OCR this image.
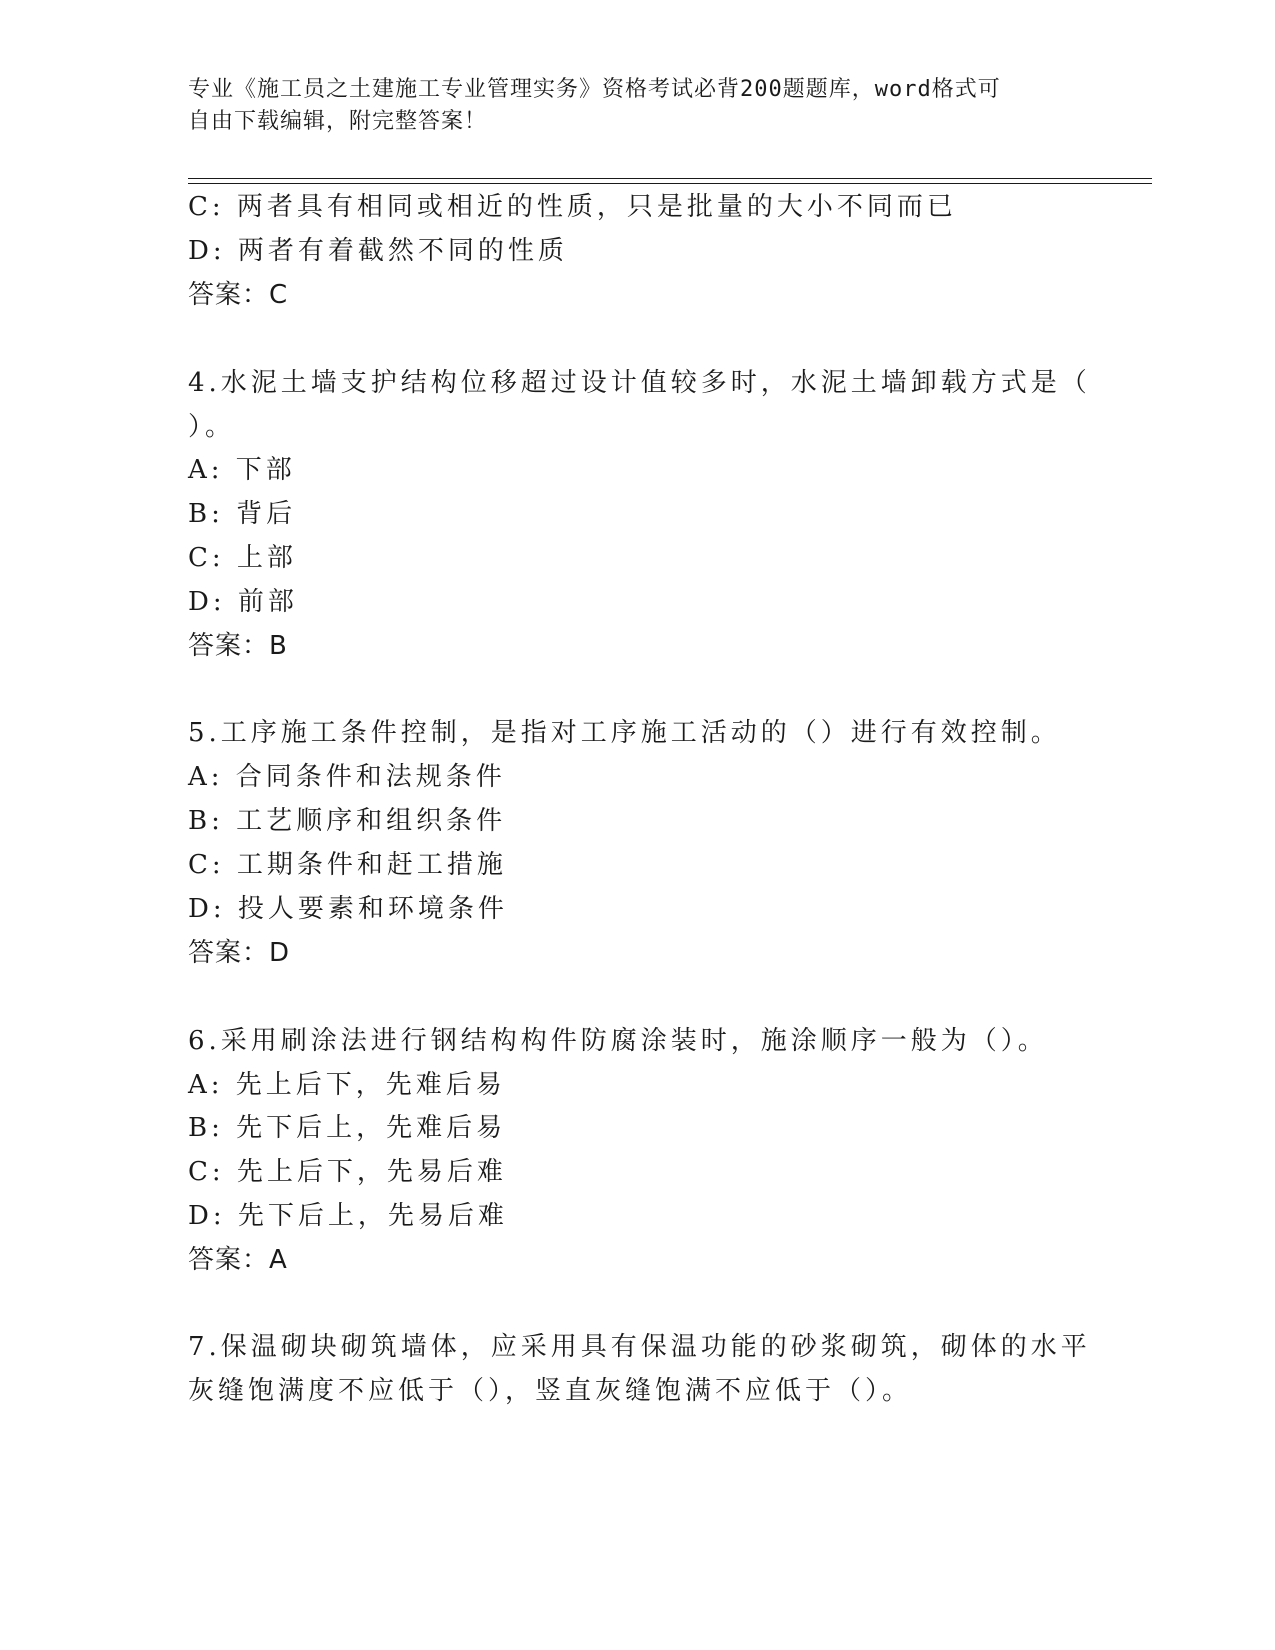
专业《施工员之土建施工专业管理实务》资格考试必背200题题库，word格式可
自由下载编辑，附完整答案！
C: 两者具有相同或相近的性质，只是批量的大小不同而已
D: 两者有着截然不同的性质
答案：C
4.水泥土墙支护结构位移超过设计值较多时，水泥土墙卸载方式是（
）。
A: 下部
B: 背后
C: 上部
D: 前部
答案：B
5.工序施工条件控制，是指对工序施工活动的（）进行有效控制。
A: 合同条件和法规条件
B: 工艺顺序和组织条件
C: 工期条件和赶工措施
D: 投人要素和环境条件
答案：D
6.采用刷涂法进行钢结构构件防腐涂装时，施涂顺序一般为（）。
A: 先上后下，先难后易
B: 先下后上，先难后易
C: 先上后下，先易后难
D: 先下后上，先易后难
答案：A
7.保温砌块砌筑墙体，应采用具有保温功能的砂浆砌筑，砌体的水平
灰缝饱满度不应低于（），竖直灰缝饱满不应低于（）。
